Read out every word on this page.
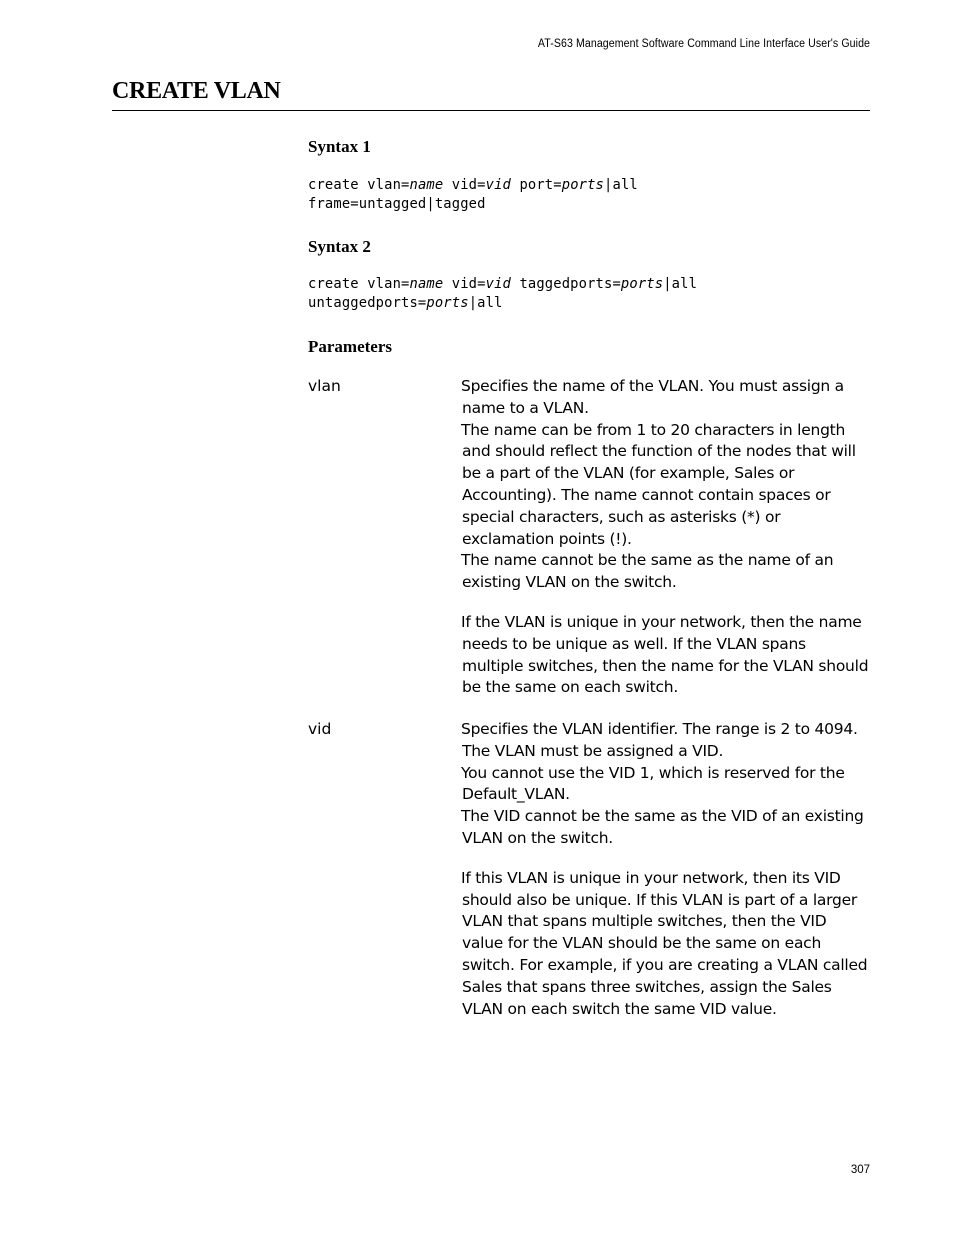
AT-S63 Management Software Command Line Interface User's Guide
CREATE VLAN
Syntax 1
create vlan=name vid=vid port=ports|all
frame=untagged|tagged
Syntax 2
create vlan=name vid=vid taggedports=ports|all
untaggedports=ports|all
Parameters
vlan	Specifies the name of the VLAN. You must assign a name to a VLAN.

The name can be from 1 to 20 characters in length and should reflect the function of the nodes that will be a part of the VLAN (for example, Sales or Accounting). The name cannot contain spaces or special characters, such as asterisks (*) or exclamation points (!).

The name cannot be the same as the name of an existing VLAN on the switch.

If the VLAN is unique in your network, then the name needs to be unique as well. If the VLAN spans multiple switches, then the name for the VLAN should be the same on each switch.

vid	Specifies the VLAN identifier. The range is 2 to 4094. The VLAN must be assigned a VID.

You cannot use the VID 1, which is reserved for the Default_VLAN.

The VID cannot be the same as the VID of an existing VLAN on the switch.

If this VLAN is unique in your network, then its VID should also be unique. If this VLAN is part of a larger VLAN that spans multiple switches, then the VID value for the VLAN should be the same on each switch. For example, if you are creating a VLAN called Sales that spans three switches, assign the Sales VLAN on each switch the same VID value.

307
